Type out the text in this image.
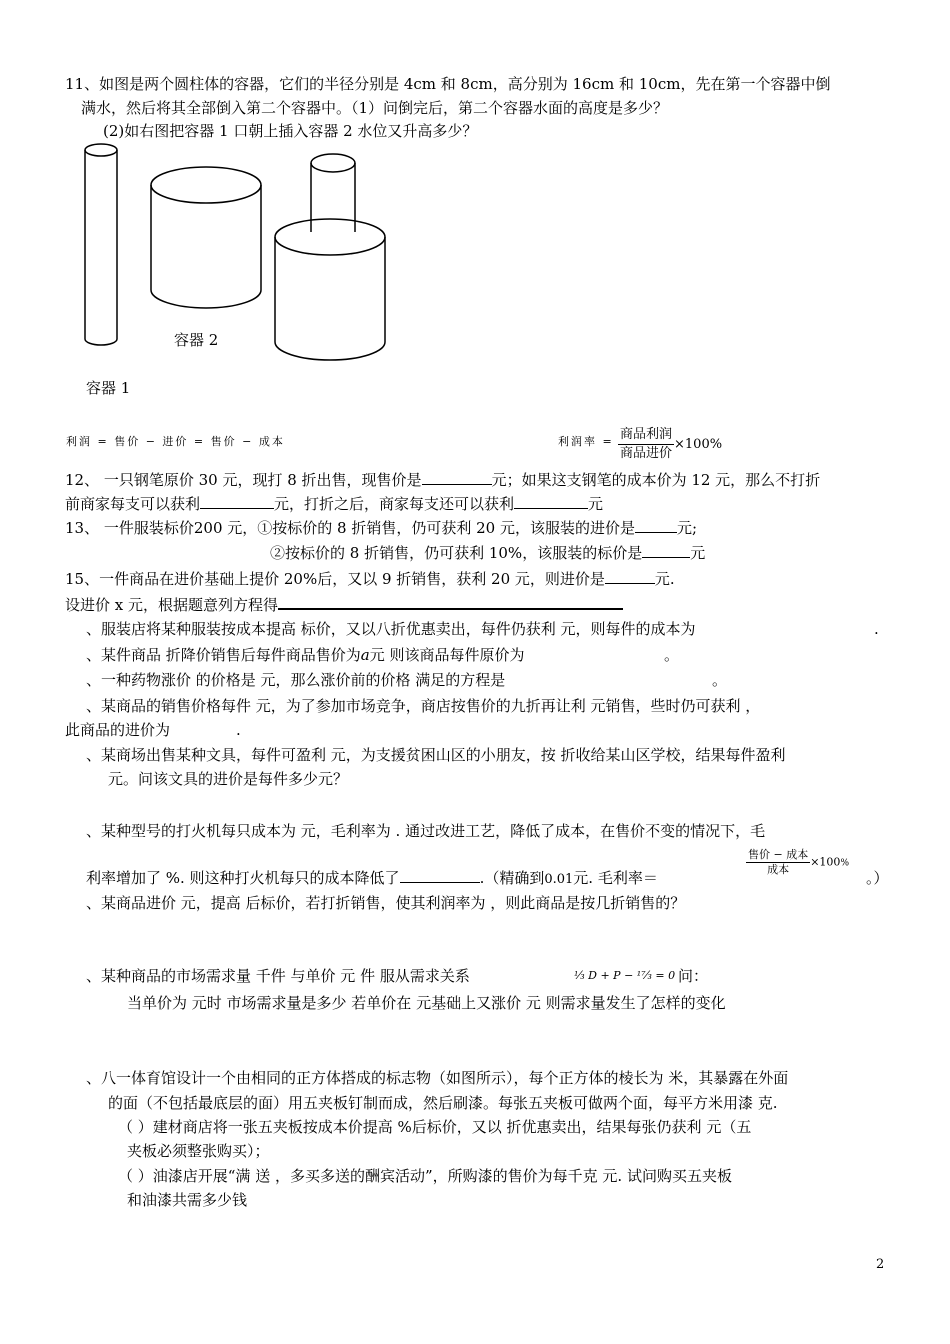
11、如图是两个圆柱体的容器，它们的半径分别是 4cm 和 8cm，高分别为 16cm 和 10cm，先在第一个容器中倒
满水，然后将其全部倒入第二个容器中。（1）问倒完后，第二个容器水面的高度是多少？
(2)如右图把容器 1 口朝上插入容器 2 水位又升高多少？
容器 2
容器 1
利润 = 售价 − 进价 = 售价 − 成本	利润率 = $\frac{\text{商品利润}}{\text{商品进价}} \times 100\%$
12、 一只钢笔原价 30 元，现打 8 折出售，现售价是	元；如果这支钢笔的成本价为 12 元，那么不打折
前商家每支可以获利	元，打折之后，商家每支还可以获利	元
13、 一件服装标价200 元，①按标价的 8 折销售，仍可获利 20 元，该服装的进价是	元;
②按标价的 8 折销售，仍可获利 10%，该服装的标价是	元
15、一件商品在进价基础上提价 20%后，又以 9 折销售，获利 20 元，则进价是	元.
设进价 x 元，根据题意列方程得
、服装店将某种服装按成本提高 标价，又以八折优惠卖出，每件仍获利 元，则每件的成本为	.
、某件商品 折降价销售后每件商品售价为a元 则该商品每件原价为	。
、一种药物涨价 的价格是 元，那么涨价前的价格 满足的方程是	。
、某商品的销售价格每件 元，为了参加市场竞争，商店按售价的九折再让利 元销售，些时仍可获利 ，
此商品的进价为	.
、某商场出售某种文具，每件可盈利 元，为支援贫困山区的小朋友，按 折收给某山区学校，结果每件盈利
元。问该文具的进价是每件多少元？
、某种型号的打火机每只成本为 元，毛利率为 . 通过改进工艺，降低了成本，在售价不变的情况下，毛
$\frac{\text{售价 − 成本}}{\text{成本}} \times 100\%$
利率增加了 %. 则这种打火机每只的成本降低了	.（精确到0.01元. 毛利率＝	。）
、某商品进价 元，提高 后标价，若打折销售，使其利润率为 ，则此商品是按几折销售的？
、某种商品的市场需求量 千件 与单价 元 件 服从需求关系	¹⁄₃ D + P − ¹⁷⁄₃ = 0 问：
当单价为 元时 市场需求量是多少 若单价在 元基础上又涨价 元 则需求量发生了怎样的变化
、八一体育馆设计一个由相同的正方体搭成的标志物（如图所示），每个正方体的棱长为 米，其暴露在外面
的面（不包括最底层的面）用五夹板钉制而成，然后刷漆。每张五夹板可做两个面，每平方米用漆 克.
（ ）建材商店将一张五夹板按成本价提高 %后标价，又以 折优惠卖出，结果每张仍获利 元（五
夹板必须整张购买）；
（ ）油漆店开展“满 送 ，多买多送的酬宾活动”，所购漆的售价为每千克 元. 试问购买五夹板
和油漆共需多少钱
2
